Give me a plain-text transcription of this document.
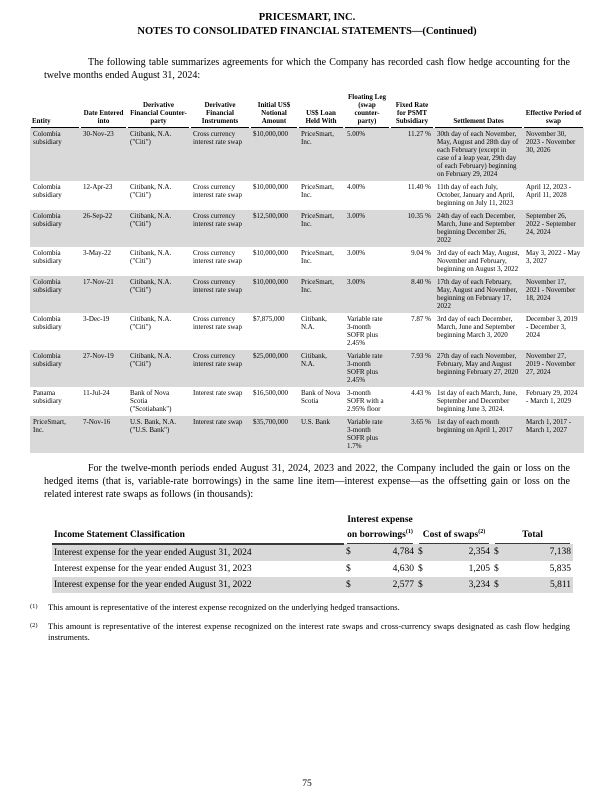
PRICESMART, INC.
NOTES TO CONSOLIDATED FINANCIAL STATEMENTS—(Continued)

The following table summarizes agreements for which the Company has recorded cash flow hedge accounting for the twelve months ended August 31, 2024:

Entity	Date Entered into	Derivative Financial Counter-party	Derivative Financial Instruments	Initial US$ Notional Amount	US$ Loan Held With	Floating Leg (swap counter-party)	Fixed Rate for PSMT Subsidiary	Settlement Dates	Effective Period of swap

Colombia subsidiary	30-Nov-23	Citibank, N.A. ("Citi")	Cross currency interest rate swap	$10,000,000	PriceSmart, Inc.	5.00%	11.27 %	30th day of each November, May, August and 28th day of each February (except in case of a leap year, 29th day of each February) beginning on February 29, 2024	November 30, 2023 - November 30, 2026
Colombia subsidiary	12-Apr-23	Citibank, N.A. ("Citi")	Cross currency interest rate swap	$10,000,000	PriceSmart, Inc.	4.00%	11.40 %	11th day of each July, October, January and April, beginning on July 11, 2023	April 12, 2023 - April 11, 2028
Colombia subsidiary	26-Sep-22	Citibank, N.A. ("Citi")	Cross currency interest rate swap	$12,500,000	PriceSmart, Inc.	3.00%	10.35 %	24th day of each December, March, June and September beginning December 26, 2022	September 26, 2022 - September 24, 2024
Colombia subsidiary	3-May-22	Citibank, N.A. ("Citi")	Cross currency interest rate swap	$10,000,000	PriceSmart, Inc.	3.00%	9.04 %	3rd day of each May, August, November and February, beginning on August 3, 2022	May 3, 2022 - May 3, 2027
Colombia subsidiary	17-Nov-21	Citibank, N.A. ("Citi")	Cross currency interest rate swap	$10,000,000	PriceSmart, Inc.	3.00%	8.40 %	17th day of each February, May, August and November, beginning on February 17, 2022	November 17, 2021 - November 18, 2024
Colombia subsidiary	3-Dec-19	Citibank, N.A. ("Citi")	Cross currency interest rate swap	$7,875,000	Citibank, N.A.	Variable rate 3-month SOFR plus 2.45%	7.87 %	3rd day of each December, March, June and September beginning March 3, 2020	December 3, 2019 - December 3, 2024
Colombia subsidiary	27-Nov-19	Citibank, N.A. ("Citi")	Cross currency interest rate swap	$25,000,000	Citibank, N.A.	Variable rate 3-month SOFR plus 2.45%	7.93 %	27th day of each November, February, May and August beginning February 27, 2020	November 27, 2019 - November 27, 2024
Panama subsidiary	11-Jul-24	Bank of Nova Scotia ("Scotiabank")	Interest rate swap	$16,500,000	Bank of Nova Scotia	3-month SOFR with a 2.95% floor	4.43 %	1st day of each March, June, September and December beginning June 3, 2024.	February 29, 2024 - March 1, 2029
PriceSmart, Inc.	7-Nov-16	U.S. Bank, N.A. ("U.S. Bank")	Interest rate swap	$35,700,000	U.S. Bank	Variable rate 3-month SOFR plus 1.7%	3.65 %	1st day of each month beginning on April 1, 2017	March 1, 2017 - March 1, 2027

For the twelve-month periods ended August 31, 2024, 2023 and 2022, the Company included the gain or loss on the hedged items (that is, variable-rate borrowings) in the same line item—interest expense—as the offsetting gain or loss on the related interest rate swaps as follows (in thousands):

Income Statement Classification	Interest expense on borrowings$^{(1)}$		Cost of swaps$^{(2)}$		Total	

Interest expense for the year ended August 31, 2024	$	4,784	$	2,354	$	7,138
Interest expense for the year ended August 31, 2023	$	4,630	$	1,205	$	5,835
Interest expense for the year ended August 31, 2022	$	2,577	$	3,234	$	5,811
(1)	This amount is representative of the interest expense recognized on the underlying hedged transactions.
(2)	This amount is representative of the interest expense recognized on the interest rate swaps and cross-currency swaps designated as cash flow hedging instruments.
75
